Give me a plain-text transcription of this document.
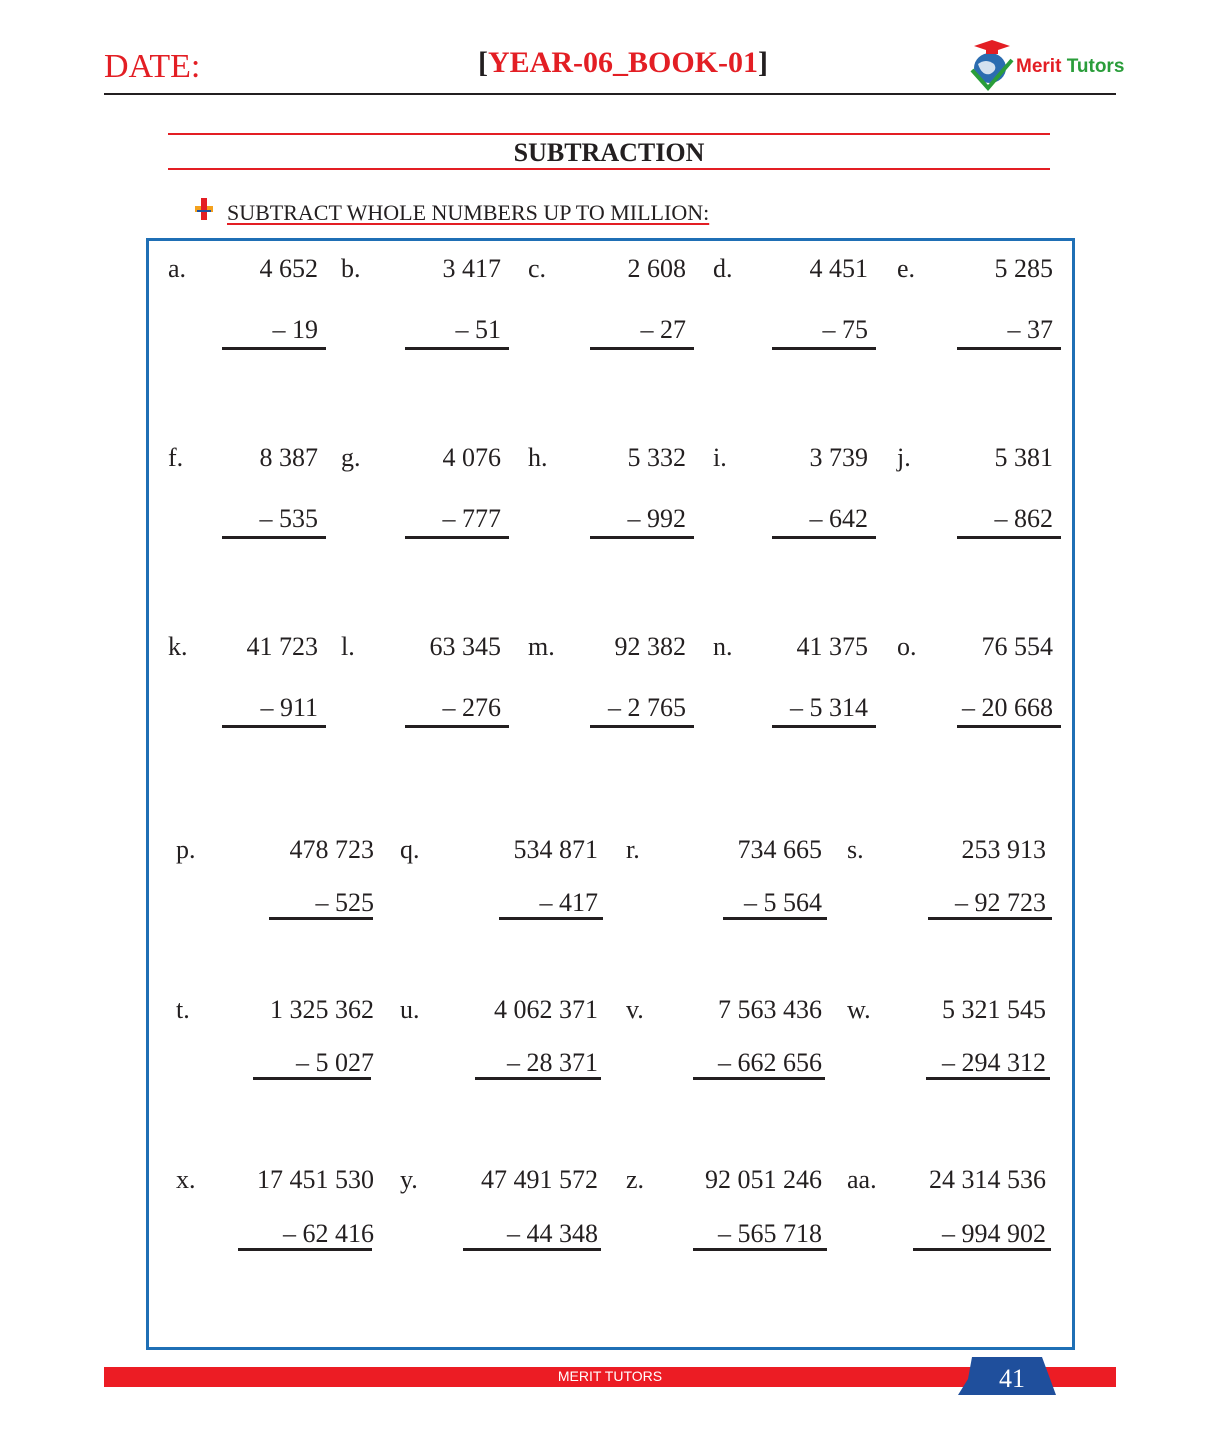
DATE:	[YEAR-06_BOOK-01]	Merit Tutors
SUBTRACTION
SUBTRACT WHOLE NUMBERS UP TO MILLION:
a.	4 652
– 19
b.	3 417
– 51
c.	2 608
– 27
d.	4 451
– 75
e.	5 285
– 37
f.	8 387
– 535
g.	4 076
– 777
h.	5 332
– 992
i.	3 739
– 642
j.	5 381
– 862
k.	41 723
– 911
l.	63 345
– 276
m.	92 382
– 2 765
n.	41 375
– 5 314
o.	76 554
– 20 668
p.	478 723
– 525
q.	534 871
– 417
r.	734 665
– 5 564
s.	253 913
– 92 723
t.	1 325 362
– 5 027
u.	4 062 371
– 28 371
v.	7 563 436
– 662 656
w.	5 321 545
– 294 312
x.	17 451 530
– 62 416
y.	47 491 572
– 44 348
z.	92 051 246
– 565 718
aa.	24 314 536
– 994 902
MERIT TUTORS	41
